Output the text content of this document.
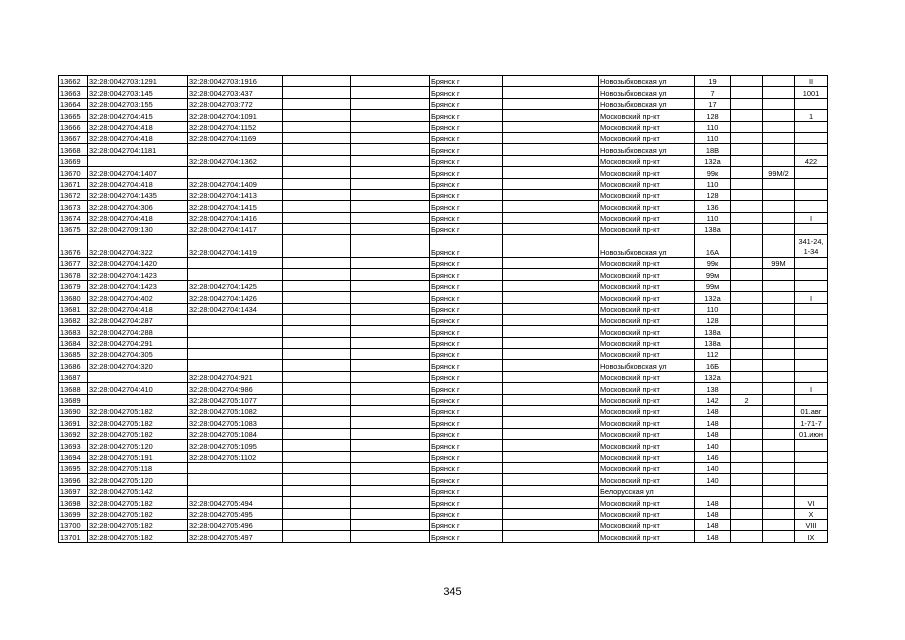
13662	32:28:0042703:1291	32:28:0042703:1916			Брянск г		Новозыбковская ул	19			II
13663	32:28:0042703:145	32:28:0042703:437			Брянск г		Новозыбковская ул	7			1001
13664	32:28:0042703:155	32:28:0042703:772			Брянск г		Новозыбковская ул	17			
13665	32:28:0042704:415	32:28:0042704:1091			Брянск г		Московский пр-кт	128			1
13666	32:28:0042704:418	32:28:0042704:1152			Брянск г		Московский пр-кт	110			
13667	32:28:0042704:418	32:28:0042704:1169			Брянск г		Московский пр-кт	110			
13668	32:28:0042704:1181				Брянск г		Новозыбковская ул	18В			
13669		32:28:0042704:1362			Брянск г		Московский пр-кт	132а			422
13670	32:28:0042704:1407				Брянск г		Московский пр-кт	99к		99М/2	
13671	32:28:0042704:418	32:28:0042704:1409			Брянск г		Московский пр-кт	110			
13672	32:28:0042704:1435	32:28:0042704:1413			Брянск г		Московский пр-кт	128			
13673	32:28:0042704:306	32:28:0042704:1415			Брянск г		Московский пр-кт	136			
13674	32:28:0042704:418	32:28:0042704:1416			Брянск г		Московский пр-кт	110			I
13675	32:28:0042709:130	32:28:0042704:1417			Брянск г		Московский пр-кт	138а			
13676	32:28:0042704:322	32:28:0042704:1419			Брянск г		Новозыбковская ул	16А			341-24, 1-34
13677	32:28:0042704:1420				Брянск г		Московский пр-кт	99к		99М	
13678	32:28:0042704:1423				Брянск г		Московский пр-кт	99м			
13679	32:28:0042704:1423	32:28:0042704:1425			Брянск г		Московский пр-кт	99м			
13680	32:28:0042704:402	32:28:0042704:1426			Брянск г		Московский пр-кт	132а			I
13681	32:28:0042704:418	32:28:0042704:1434			Брянск г		Московский пр-кт	110			
13682	32:28:0042704:287				Брянск г		Московский пр-кт	128			
13683	32:28:0042704:288				Брянск г		Московский пр-кт	138а			
13684	32:28:0042704:291				Брянск г		Московский пр-кт	138а			
13685	32:28:0042704:305				Брянск г		Московский пр-кт	112			
13686	32:28:0042704:320				Брянск г		Новозыбковская ул	16Б			
13687		32:28:0042704:921			Брянск г		Московский пр-кт	132а			
13688	32:28:0042704:410	32:28:0042704:986			Брянск г		Московский пр-кт	138			I
13689		32:28:0042705:1077			Брянск г		Московский пр-кт	142	2		
13690	32:28:0042705:182	32:28:0042705:1082			Брянск г		Московский пр-кт	148			01.авг
13691	32:28:0042705:182	32:28:0042705:1083			Брянск г		Московский пр-кт	148			1-71-7
13692	32:28:0042705:182	32:28:0042705:1084			Брянск г		Московский пр-кт	148			01.июн
13693	32:28:0042705:120	32:28:0042705:1095			Брянск г		Московский пр-кт	140			
13694	32:28:0042705:191	32:28:0042705:1102			Брянск г		Московский пр-кт	146			
13695	32:28:0042705:118				Брянск г		Московский пр-кт	140			
13696	32:28:0042705:120				Брянск г		Московский пр-кт	140			
13697	32:28:0042705:142				Брянск г		Белорусская ул				
13698	32:28:0042705:182	32:28:0042705:494			Брянск г		Московский пр-кт	148			VI
13699	32:28:0042705:182	32:28:0042705:495			Брянск г		Московский пр-кт	148			X
13700	32:28:0042705:182	32:28:0042705:496			Брянск г		Московский пр-кт	148			VIII
13701	32:28:0042705:182	32:28:0042705:497			Брянск г		Московский пр-кт	148			IX
345
